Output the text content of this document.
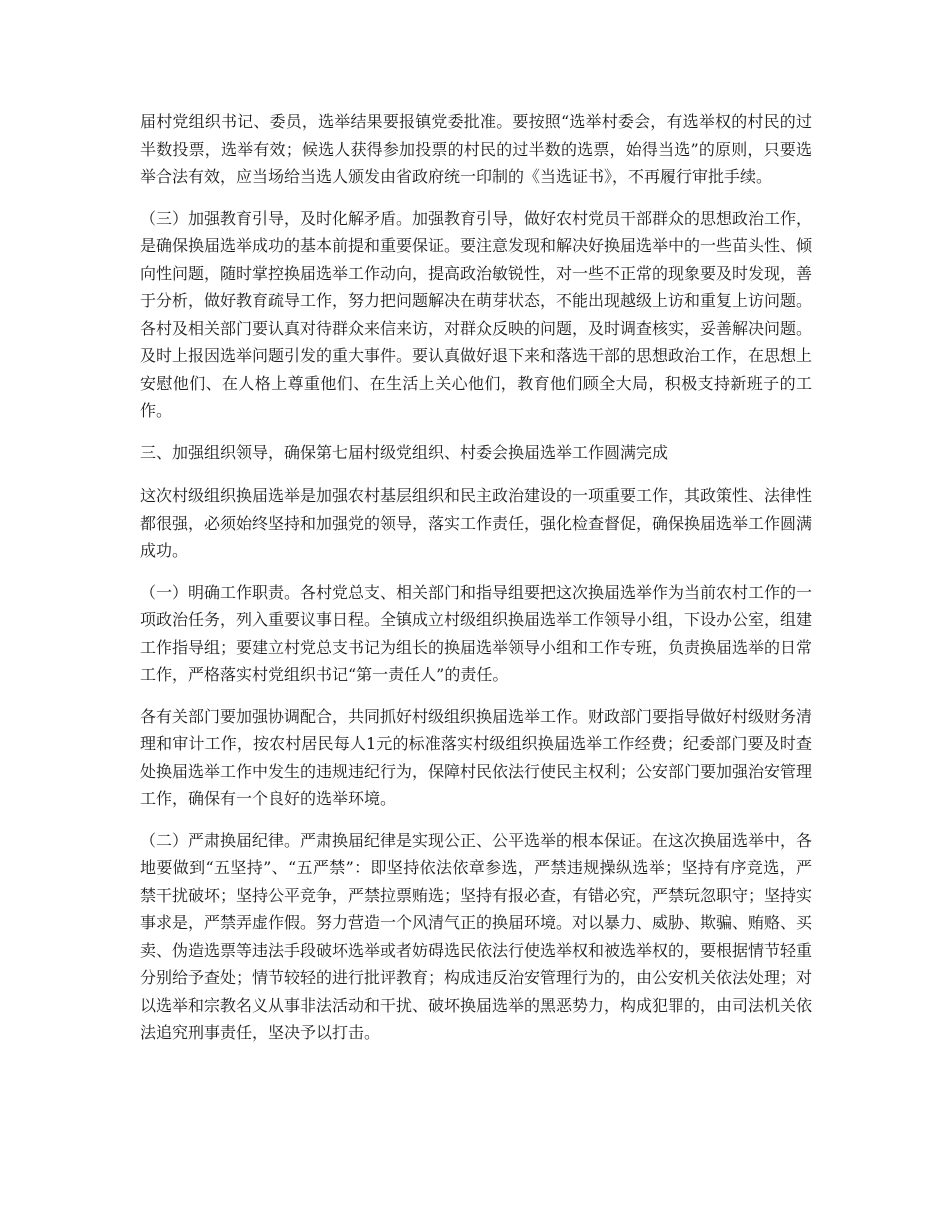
届村党组织书记、委员，选举结果要报镇党委批准。要按照“选举村委会，有选举权的村民的过半数投票，选举有效；候选人获得参加投票的村民的过半数的选票，始得当选”的原则，只要选举合法有效，应当场给当选人颁发由省政府统一印制的《当选证书》，不再履行审批手续。

（三）加强教育引导，及时化解矛盾。加强教育引导，做好农村党员干部群众的思想政治工作，是确保换届选举成功的基本前提和重要保证。要注意发现和解决好换届选举中的一些苗头性、倾向性问题，随时掌控换届选举工作动向，提高政治敏锐性，对一些不正常的现象要及时发现，善于分析，做好教育疏导工作，努力把问题解决在萌芽状态，不能出现越级上访和重复上访问题。各村及相关部门要认真对待群众来信来访，对群众反映的问题，及时调查核实，妥善解决问题。及时上报因选举问题引发的重大事件。要认真做好退下来和落选干部的思想政治工作，在思想上安慰他们、在人格上尊重他们、在生活上关心他们，教育他们顾全大局，积极支持新班子的工作。

三、加强组织领导，确保第七届村级党组织、村委会换届选举工作圆满完成

这次村级组织换届选举是加强农村基层组织和民主政治建设的一项重要工作，其政策性、法律性都很强，必须始终坚持和加强党的领导，落实工作责任，强化检查督促，确保换届选举工作圆满成功。

（一）明确工作职责。各村党总支、相关部门和指导组要把这次换届选举作为当前农村工作的一项政治任务，列入重要议事日程。全镇成立村级组织换届选举工作领导小组，下设办公室，组建工作指导组；要建立村党总支书记为组长的换届选举领导小组和工作专班，负责换届选举的日常工作，严格落实村党组织书记“第一责任人”的责任。

各有关部门要加强协调配合，共同抓好村级组织换届选举工作。财政部门要指导做好村级财务清理和审计工作，按农村居民每人1元的标准落实村级组织换届选举工作经费；纪委部门要及时查处换届选举工作中发生的违规违纪行为，保障村民依法行使民主权利；公安部门要加强治安管理工作，确保有一个良好的选举环境。

（二）严肃换届纪律。严肃换届纪律是实现公正、公平选举的根本保证。在这次换届选举中，各地要做到“五坚持”、“五严禁”：即坚持依法依章参选，严禁违规操纵选举；坚持有序竞选，严禁干扰破坏；坚持公平竞争，严禁拉票贿选；坚持有报必查，有错必究，严禁玩忽职守；坚持实事求是，严禁弄虚作假。努力营造一个风清气正的换届环境。对以暴力、威胁、欺骗、贿赂、买卖、伪造选票等违法手段破坏选举或者妨碍选民依法行使选举权和被选举权的，要根据情节轻重分别给予查处；情节较轻的进行批评教育；构成违反治安管理行为的，由公安机关依法处理；对以选举和宗教名义从事非法活动和干扰、破坏换届选举的黑恶势力，构成犯罪的，由司法机关依法追究刑事责任，坚决予以打击。
